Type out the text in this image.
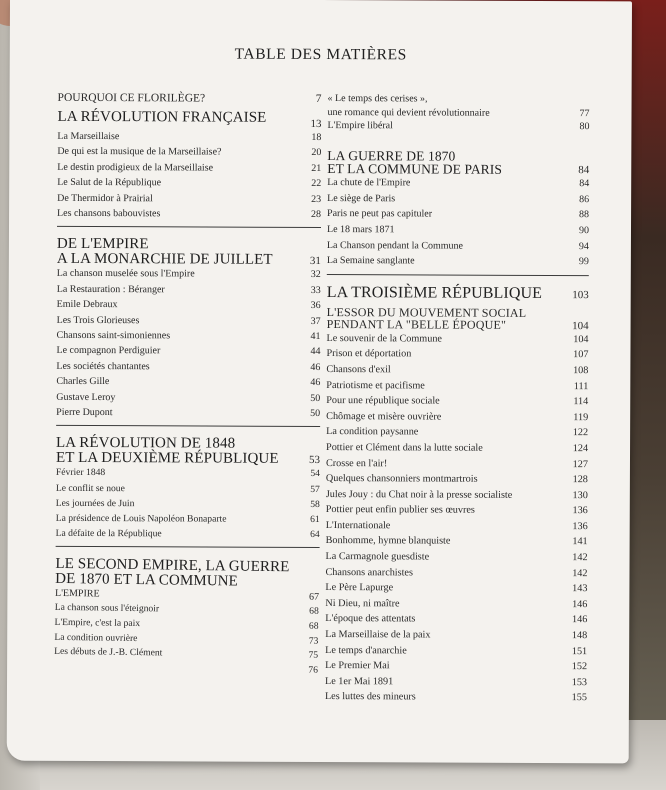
TABLE DES MATIÈRES
POURQUOI CE FLORILÈGE?	7
LA RÉVOLUTION FRANÇAISE	13
La Marseillaise	18
De qui est la musique de la Marseillaise?	20
Le destin prodigieux de la Marseillaise	21
Le Salut de la République	22
De Thermidor à Prairial	23
Les chansons babouvistes	28
DE L'EMPIRE
A LA MONARCHIE DE JUILLET	31
La chanson muselée sous l'Empire	32
La Restauration : Béranger	33
Emile Debraux	36
Les Trois Glorieuses	37
Chansons saint-simoniennes	41
Le compagnon Perdiguier	44
Les sociétés chantantes	46
Charles Gille	46
Gustave Leroy	50
Pierre Dupont	50
LA RÉVOLUTION DE 1848
ET LA DEUXIÈME RÉPUBLIQUE	53
Février 1848	54
Le conflit se noue	57
Les journées de Juin	58
La présidence de Louis Napoléon Bonaparte	61
La défaite de la République	64
LE SECOND EMPIRE, LA GUERRE
DE 1870 ET LA COMMUNE
L'EMPIRE	67
La chanson sous l'éteignoir	68
L'Empire, c'est la paix	68
La condition ouvrière	73
Les débuts de J.-B. Clément	75
76
« Le temps des cerises »,
une romance qui devient révolutionnaire	77
L'Empire libéral	80
LA GUERRE DE 1870
ET LA COMMUNE DE PARIS	84
La chute de l'Empire	84
Le siège de Paris	86
Paris ne peut pas capituler	88
Le 18 mars 1871	90
La Chanson pendant la Commune	94
La Semaine sanglante	99
LA TROISIÈME RÉPUBLIQUE	103
L'ESSOR DU MOUVEMENT SOCIAL
PENDANT LA "BELLE ÉPOQUE"	104
Le souvenir de la Commune	104
Prison et déportation	107
Chansons d'exil	108
Patriotisme et pacifisme	111
Pour une république sociale	114
Chômage et misère ouvrière	119
La condition paysanne	122
Pottier et Clément dans la lutte sociale	124
Crosse en l'air!	127
Quelques chansonniers montmartrois	128
Jules Jouy : du Chat noir à la presse socialiste	130
Pottier peut enfin publier ses œuvres	136
L'Internationale	136
Bonhomme, hymne blanquiste	141
La Carmagnole guesdiste	142
Chansons anarchistes	142
Le Père Lapurge	143
Ni Dieu, ni maître	146
L'époque des attentats	146
La Marseillaise de la paix	148
Le temps d'anarchie	151
Le Premier Mai	152
Le 1er Mai 1891	153
Les luttes des mineurs	155
